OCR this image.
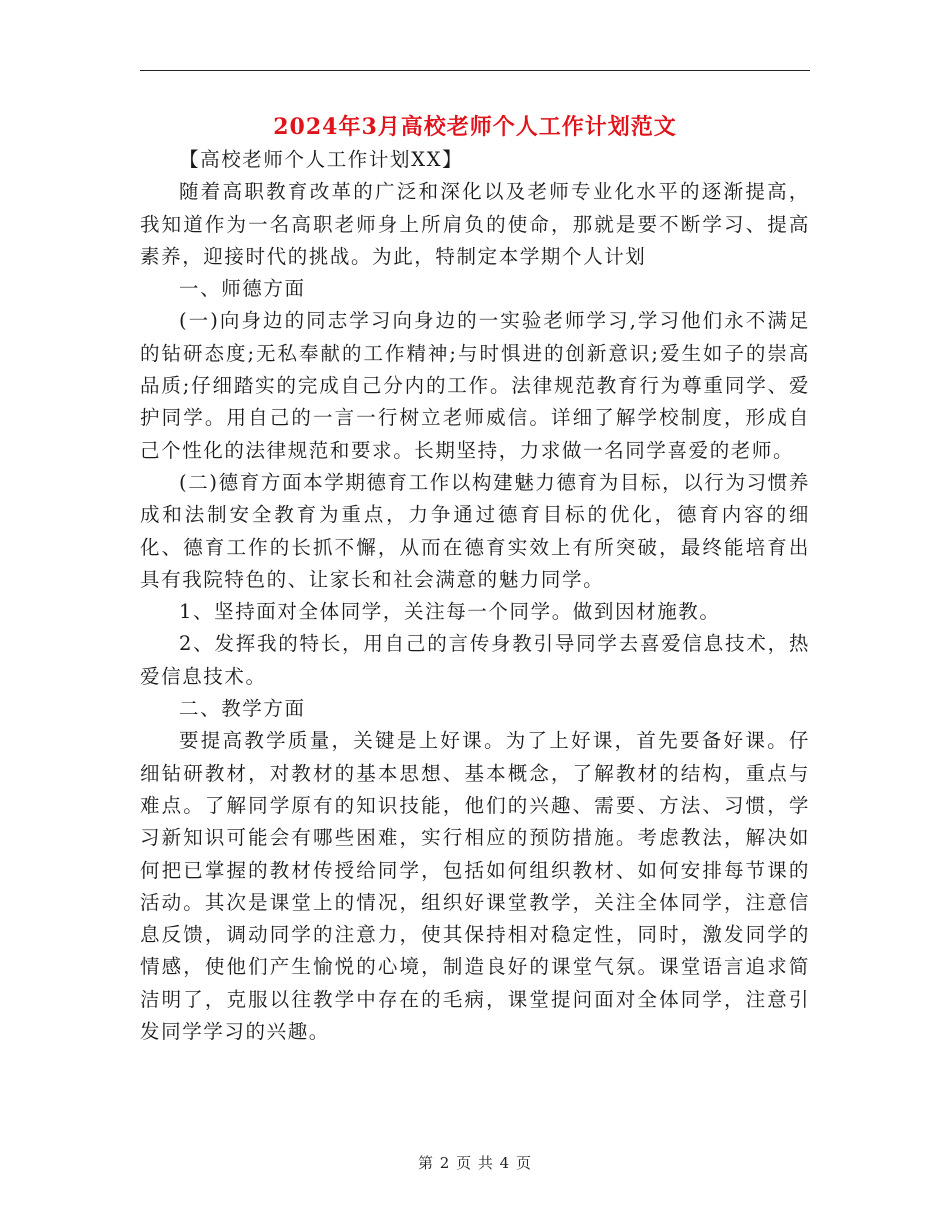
2024年3月高校老师个人工作计划范文

【高校老师个人工作计划XX】

随着高职教育改革的广泛和深化以及老师专业化水平的逐渐提高，我知道作为一名高职老师身上所肩负的使命，那就是要不断学习、提高素养，迎接时代的挑战。为此，特制定本学期个人计划

一、师德方面

(一)向身边的同志学习向身边的一实验老师学习,学习他们永不满足的钻研态度;无私奉献的工作精神;与时惧进的创新意识;爱生如子的崇高品质;仔细踏实的完成自己分内的工作。法律规范教育行为尊重同学、爱护同学。用自己的一言一行树立老师威信。详细了解学校制度，形成自己个性化的法律规范和要求。长期坚持，力求做一名同学喜爱的老师。

(二)德育方面本学期德育工作以构建魅力德育为目标，以行为习惯养成和法制安全教育为重点，力争通过德育目标的优化，德育内容的细化、德育工作的长抓不懈，从而在德育实效上有所突破，最终能培育出具有我院特色的、让家长和社会满意的魅力同学。

1、坚持面对全体同学，关注每一个同学。做到因材施教。

2、发挥我的特长，用自己的言传身教引导同学去喜爱信息技术，热爱信息技术。

二、教学方面

要提高教学质量，关键是上好课。为了上好课，首先要备好课。仔细钻研教材，对教材的基本思想、基本概念，了解教材的结构，重点与难点。了解同学原有的知识技能，他们的兴趣、需要、方法、习惯，学习新知识可能会有哪些困难，实行相应的预防措施。考虑教法，解决如何把已掌握的教材传授给同学，包括如何组织教材、如何安排每节课的活动。其次是课堂上的情况，组织好课堂教学，关注全体同学，注意信息反馈，调动同学的注意力，使其保持相对稳定性，同时，激发同学的情感，使他们产生愉悦的心境，制造良好的课堂气氛。课堂语言追求简洁明了，克服以往教学中存在的毛病，课堂提问面对全体同学，注意引发同学学习的兴趣。

第 2 页 共 4 页
